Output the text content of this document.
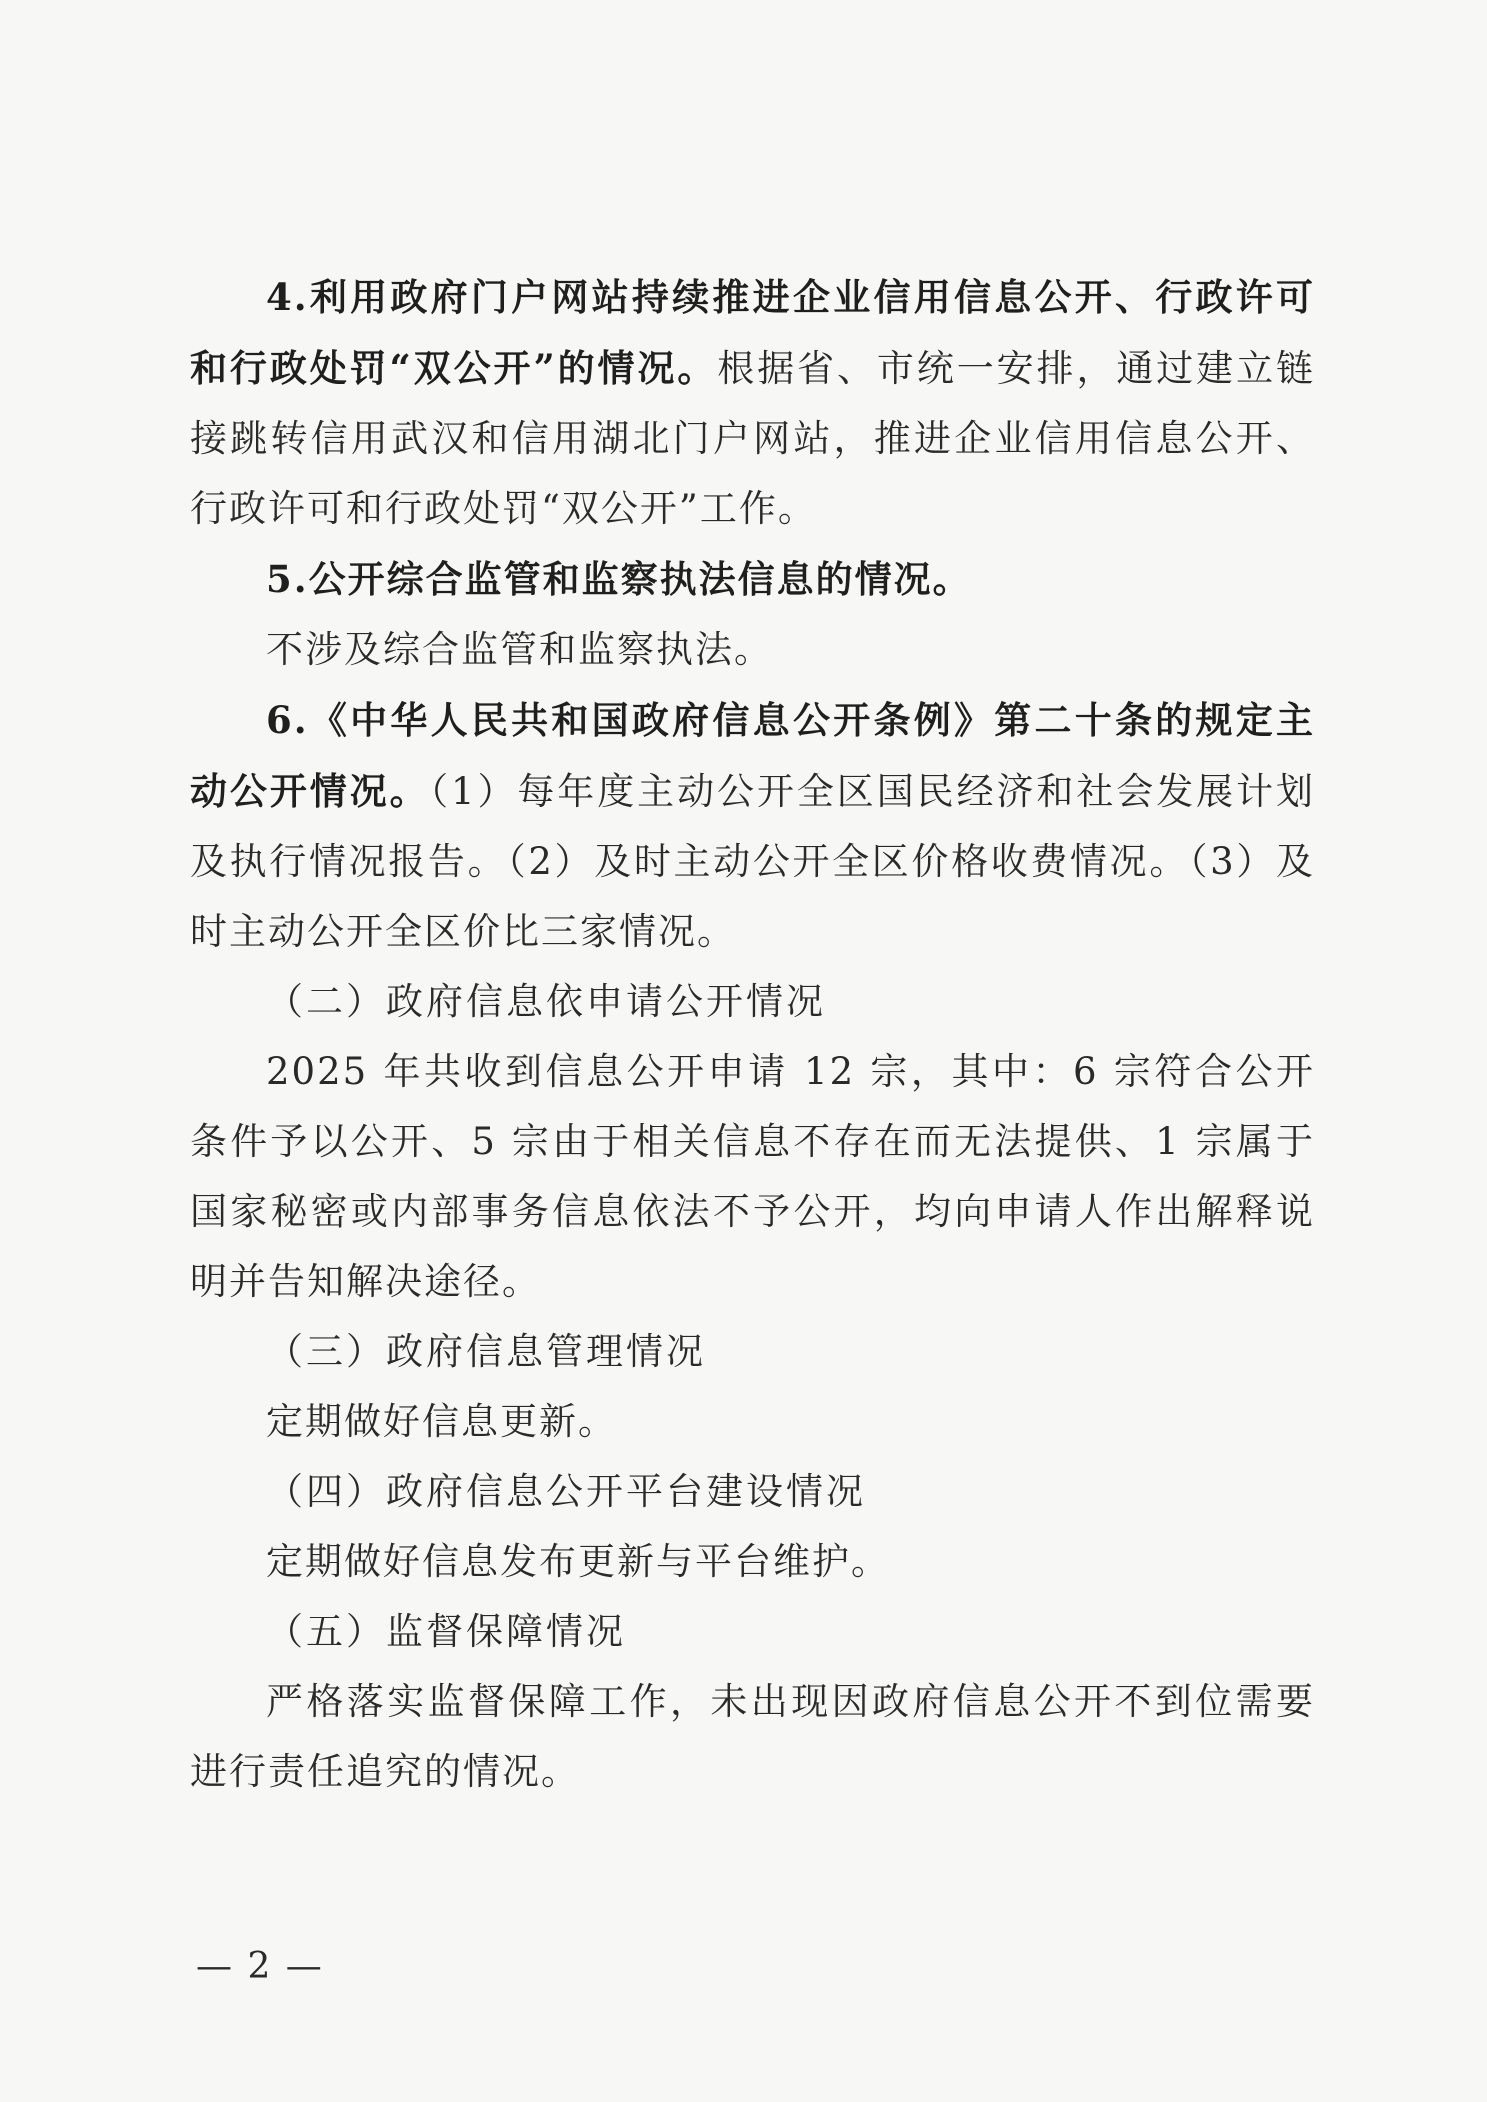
4.利用政府门户网站持续推进企业信用信息公开、行政许可和行政处罚“双公开”的情况。根据省、市统一安排，通过建立链接跳转信用武汉和信用湖北门户网站，推进企业信用信息公开、行政许可和行政处罚“双公开”工作。

5.公开综合监管和监察执法信息的情况。

不涉及综合监管和监察执法。

6.《中华人民共和国政府信息公开条例》第二十条的规定主动公开情况。（1）每年度主动公开全区国民经济和社会发展计划及执行情况报告。（2）及时主动公开全区价格收费情况。（3）及时主动公开全区价比三家情况。

（二）政府信息依申请公开情况

2025 年共收到信息公开申请 12 宗，其中：6 宗符合公开条件予以公开、5 宗由于相关信息不存在而无法提供、1 宗属于国家秘密或内部事务信息依法不予公开，均向申请人作出解释说明并告知解决途径。

（三）政府信息管理情况

定期做好信息更新。

（四）政府信息公开平台建设情况

定期做好信息发布更新与平台维护。

（五）监督保障情况

严格落实监督保障工作，未出现因政府信息公开不到位需要进行责任追究的情况。

— 2 —
